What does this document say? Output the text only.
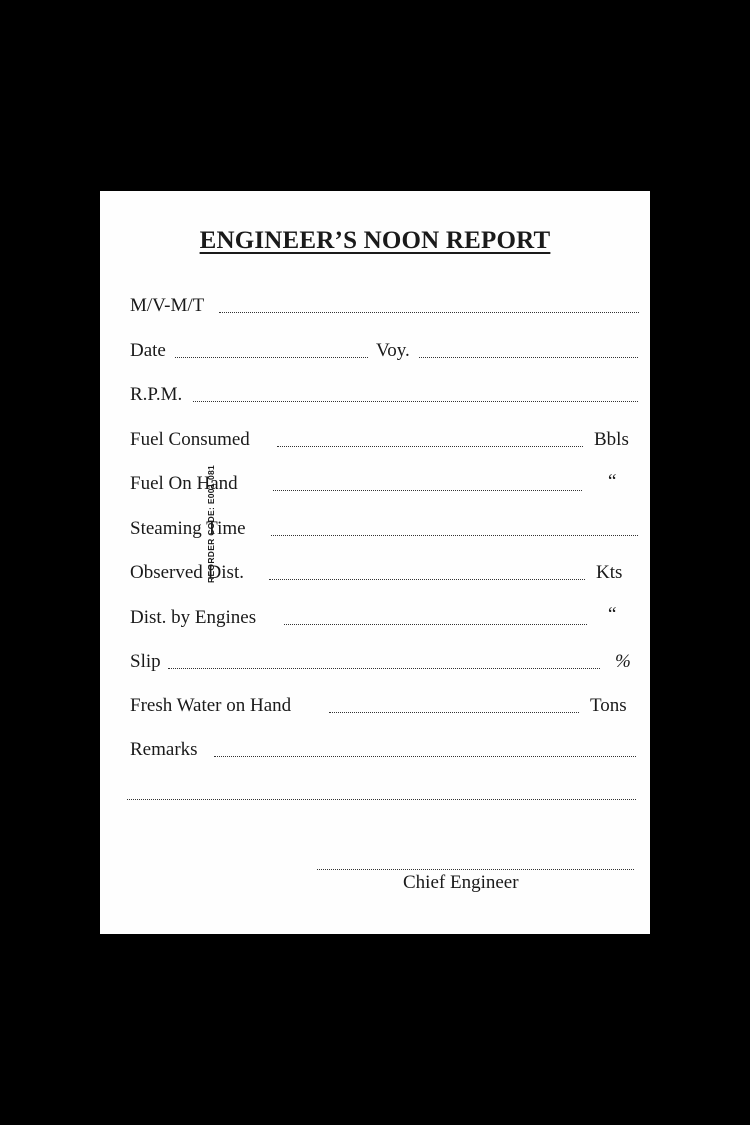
ENGINEER’S NOON REPORT
REORDER CODE: E001-081
M/V-M/T
Date	Voy.
R.P.M.
Fuel Consumed	Bbls
Fuel On Hand	“
Steaming Time
Observed Dist.	Kts
Dist. by Engines	“
Slip	%
Fresh Water on Hand	Tons
Remarks
Chief Engineer
